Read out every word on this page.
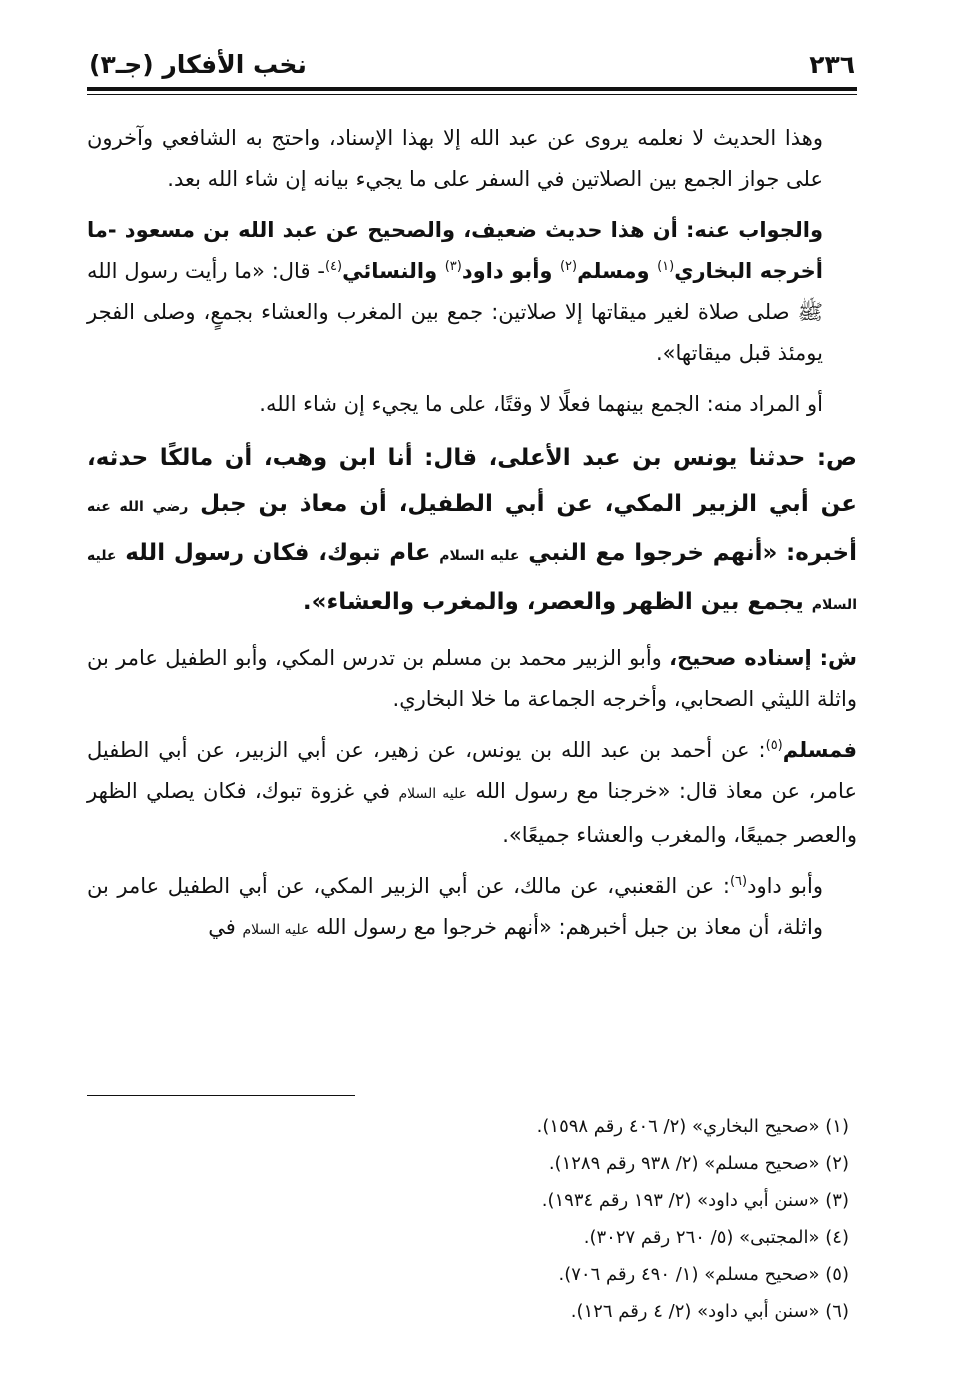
٢٣٦
نخب الأفكار (جـ٣)

وهذا الحديث لا نعلمه يروى عن عبد الله إلا بهذا الإسناد، واحتج به الشافعي وآخرون على جواز الجمع بين الصلاتين في السفر على ما يجيء بيانه إن شاء الله بعد.

والجواب عنه: أن هذا حديث ضعيف، والصحيح عن عبد الله بن مسعود -ما أخرجه البخاري$^{(١)}$ ومسلم$^{(٢)}$ وأبو داود$^{(٣)}$ والنسائي$^{(٤)}$- قال: «ما رأيت رسول الله ﷺ صلى صلاة لغير ميقاتها إلا صلاتين: جمع بين المغرب والعشاء بجمعٍ، وصلى الفجر يومئذ قبل ميقاتها».

أو المراد منه: الجمع بينهما فعلًا لا وقتًا، على ما يجيء إن شاء الله.

ص: حدثنا يونس بن عبد الأعلى، قال: أنا ابن وهب، أن مالكًا حدثه، عن أبي الزبير المكي، عن أبي الطفيل، أن معاذ بن جبل رضي الله عنه أخبره: «أنهم خرجوا مع النبي عليه السلام عام تبوك، فكان رسول الله عليه السلام يجمع بين الظهر والعصر، والمغرب والعشاء».

ش: إسناده صحيح، وأبو الزبير محمد بن مسلم بن تدرس المكي، وأبو الطفيل عامر بن واثلة الليثي الصحابي، وأخرجه الجماعة ما خلا البخاري.

فمسلم$^{(٥)}$: عن أحمد بن عبد الله بن يونس، عن زهير، عن أبي الزبير، عن أبي الطفيل عامر، عن معاذ قال: «خرجنا مع رسول الله عليه السلام في غزوة تبوك، فكان يصلي الظهر والعصر جميعًا، والمغرب والعشاء جميعًا».

وأبو داود$^{(٦)}$: عن القعنبي، عن مالك، عن أبي الزبير المكي، عن أبي الطفيل عامر بن واثلة، أن معاذ بن جبل أخبرهم: «أنهم خرجوا مع رسول الله عليه السلام في

(١) «صحيح البخاري» (٢/ ٤٠٦ رقم ١٥٩٨).
(٢) «صحيح مسلم» (٢/ ٩٣٨ رقم ١٢٨٩).
(٣) «سنن أبي داود» (٢/ ١٩٣ رقم ١٩٣٤).
(٤) «المجتبى» (٥/ ٢٦٠ رقم ٣٠٢٧).
(٥) «صحيح مسلم» (١/ ٤٩٠ رقم ٧٠٦).
(٦) «سنن أبي داود» (٢/ ٤ رقم ١٢٦).
